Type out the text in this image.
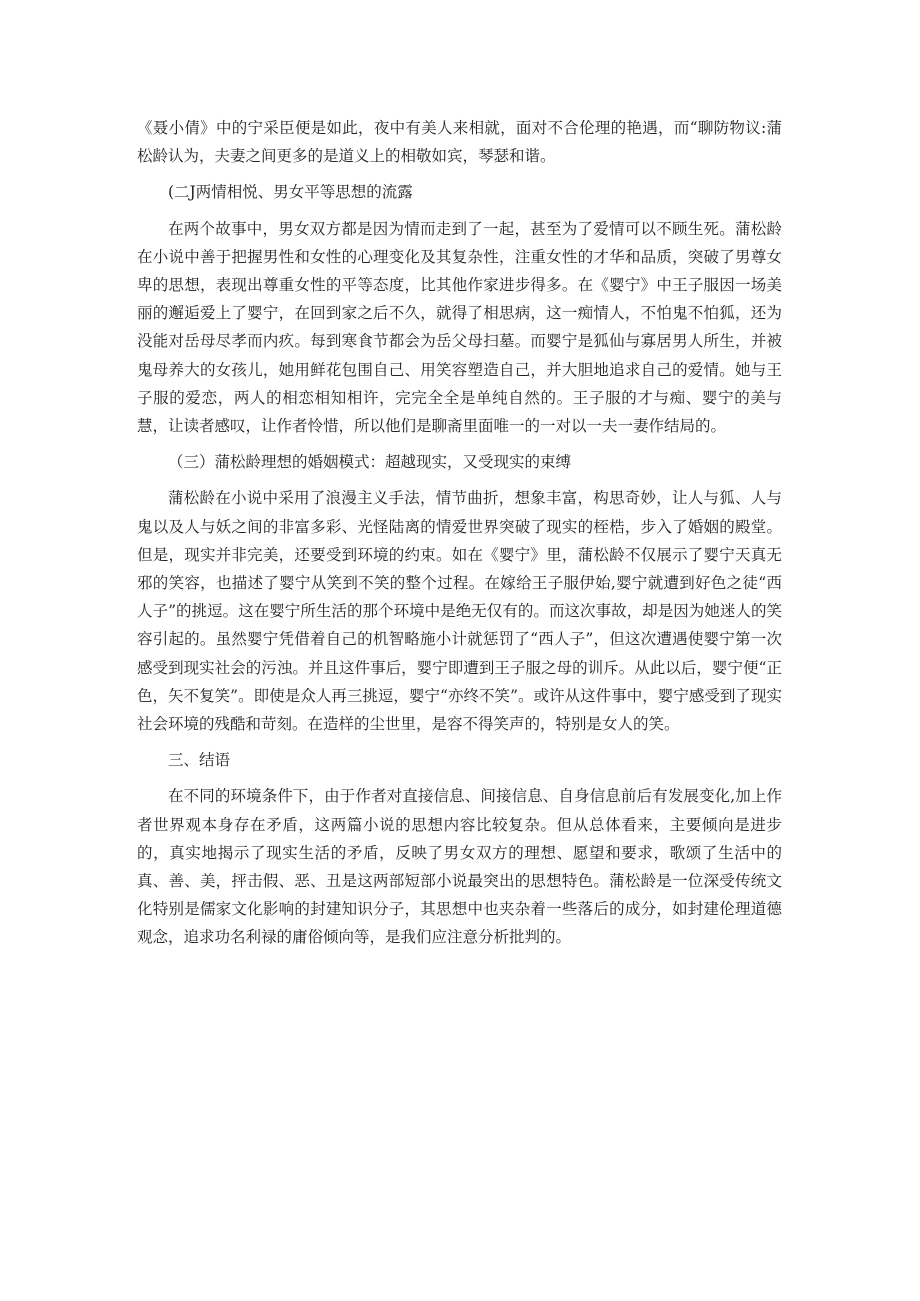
《聂小倩》中的宁采臣便是如此，夜中有美人来相就，面对不合伦理的艳遇，而“聊防物议:蒲松龄认为，夫妻之间更多的是道义上的相敬如宾，琴瑟和谐。

(二J两情相悦、男女平等思想的流露

在两个故事中，男女双方都是因为情而走到了一起，甚至为了爱情可以不顾生死。蒲松龄在小说中善于把握男性和女性的心理变化及其复杂性，注重女性的才华和品质，突破了男尊女卑的思想，表现出尊重女性的平等态度，比其他作家进步得多。在《婴宁》中王子服因一场美丽的邂逅爱上了婴宁，在回到家之后不久，就得了相思病，这一痴情人，不怕鬼不怕狐，还为没能对岳母尽孝而内疚。每到寒食节都会为岳父母扫墓。而婴宁是狐仙与寡居男人所生，并被鬼母养大的女孩儿，她用鲜花包围自己、用笑容塑造自己，并大胆地追求自己的爱情。她与王子服的爱恋，两人的相恋相知相许，完完全全是单纯自然的。王子服的才与痴、婴宁的美与慧，让读者感叹，让作者怜惜，所以他们是聊斋里面唯一的一对以一夫一妻作结局的。

（三）蒲松龄理想的婚姻模式：超越现实，又受现实的束缚

蒲松龄在小说中采用了浪漫主义手法，情节曲折，想象丰富，构思奇妙，让人与狐、人与鬼以及人与妖之间的非富多彩、光怪陆离的情爱世界突破了现实的桎梏，步入了婚姻的殿堂。但是，现实并非完美，还要受到环境的约束。如在《婴宁》里，蒲松龄不仅展示了婴宁天真无邪的笑容，也描述了婴宁从笑到不笑的整个过程。在嫁给王子服伊始,婴宁就遭到好色之徒“西人子”的挑逗。这在婴宁所生活的那个环境中是绝无仅有的。而这次事故，却是因为她迷人的笑容引起的。虽然婴宁凭借着自己的机智略施小计就惩罚了“西人子”，但这次遭遇使婴宁第一次感受到现实社会的污浊。并且这件事后，婴宁即遭到王子服之母的训斥。从此以后，婴宁便“正色，矢不复笑”。即使是众人再三挑逗，婴宁“亦终不笑”。或许从这件事中，婴宁感受到了现实社会环境的残酷和苛刻。在造样的尘世里，是容不得笑声的，特别是女人的笑。

三、结语

在不同的环境条件下，由于作者对直接信息、间接信息、自身信息前后有发展变化,加上作者世界观本身存在矛盾，这两篇小说的思想内容比较复杂。但从总体看来，主要倾向是进步的，真实地揭示了现实生活的矛盾，反映了男女双方的理想、愿望和要求，歌颂了生活中的真、善、美，抨击假、恶、丑是这两部短部小说最突出的思想特色。蒲松龄是一位深受传统文化特别是儒家文化影响的封建知识分子，其思想中也夹杂着一些落后的成分，如封建伦理道德观念，追求功名利禄的庸俗倾向等，是我们应注意分析批判的。
